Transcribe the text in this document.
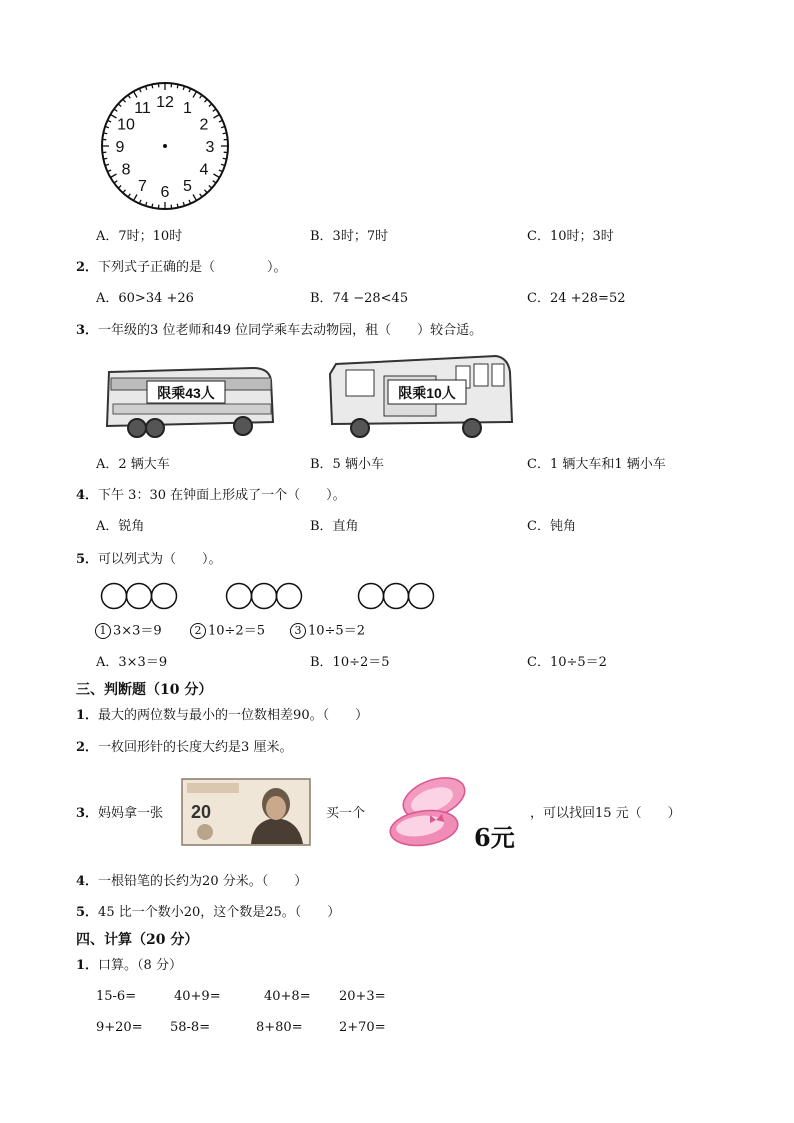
12 1
2
3
4
5
6
7
8
9
10
11
A．7时；10时	B．3时；7时	C．10时；3时
2．下列式子正确的是（　　　　）。
A．60>34 +26	B．74 −28<45	C．24 +28=52
3．一年级的3 位老师和49 位同学乘车去动物园，租（　　）较合适。
限乘43人	限乘10人
A．2 辆大车	B．5 辆小车	C．1 辆大车和1 辆小车
4．下午 3：30 在钟面上形成了一个（　　）。
A．锐角	B．直角	C．钝角
5．可以列式为（　　）。
1 3×3＝9	2 10÷2＝5	3 10÷5＝2
A．3×3＝9	B．10÷2＝5	C．10÷5＝2
三、判断题（10 分）
1．最大的两位数与最小的一位数相差90。（　　）
2．一枚回形针的长度大约是3 厘米。
3．妈妈拿一张 20	买一个
6元
，可以找回15 元（　　）
4．一根铅笔的长约为20 分米。（　　）
5．45 比一个数小20，这个数是25。（　　）
四、计算（20 分）
1．口算。（8 分）
15-6=	40+9=	40+8= 20+3=
9+20= 58-8=	8+80=	2+70=
